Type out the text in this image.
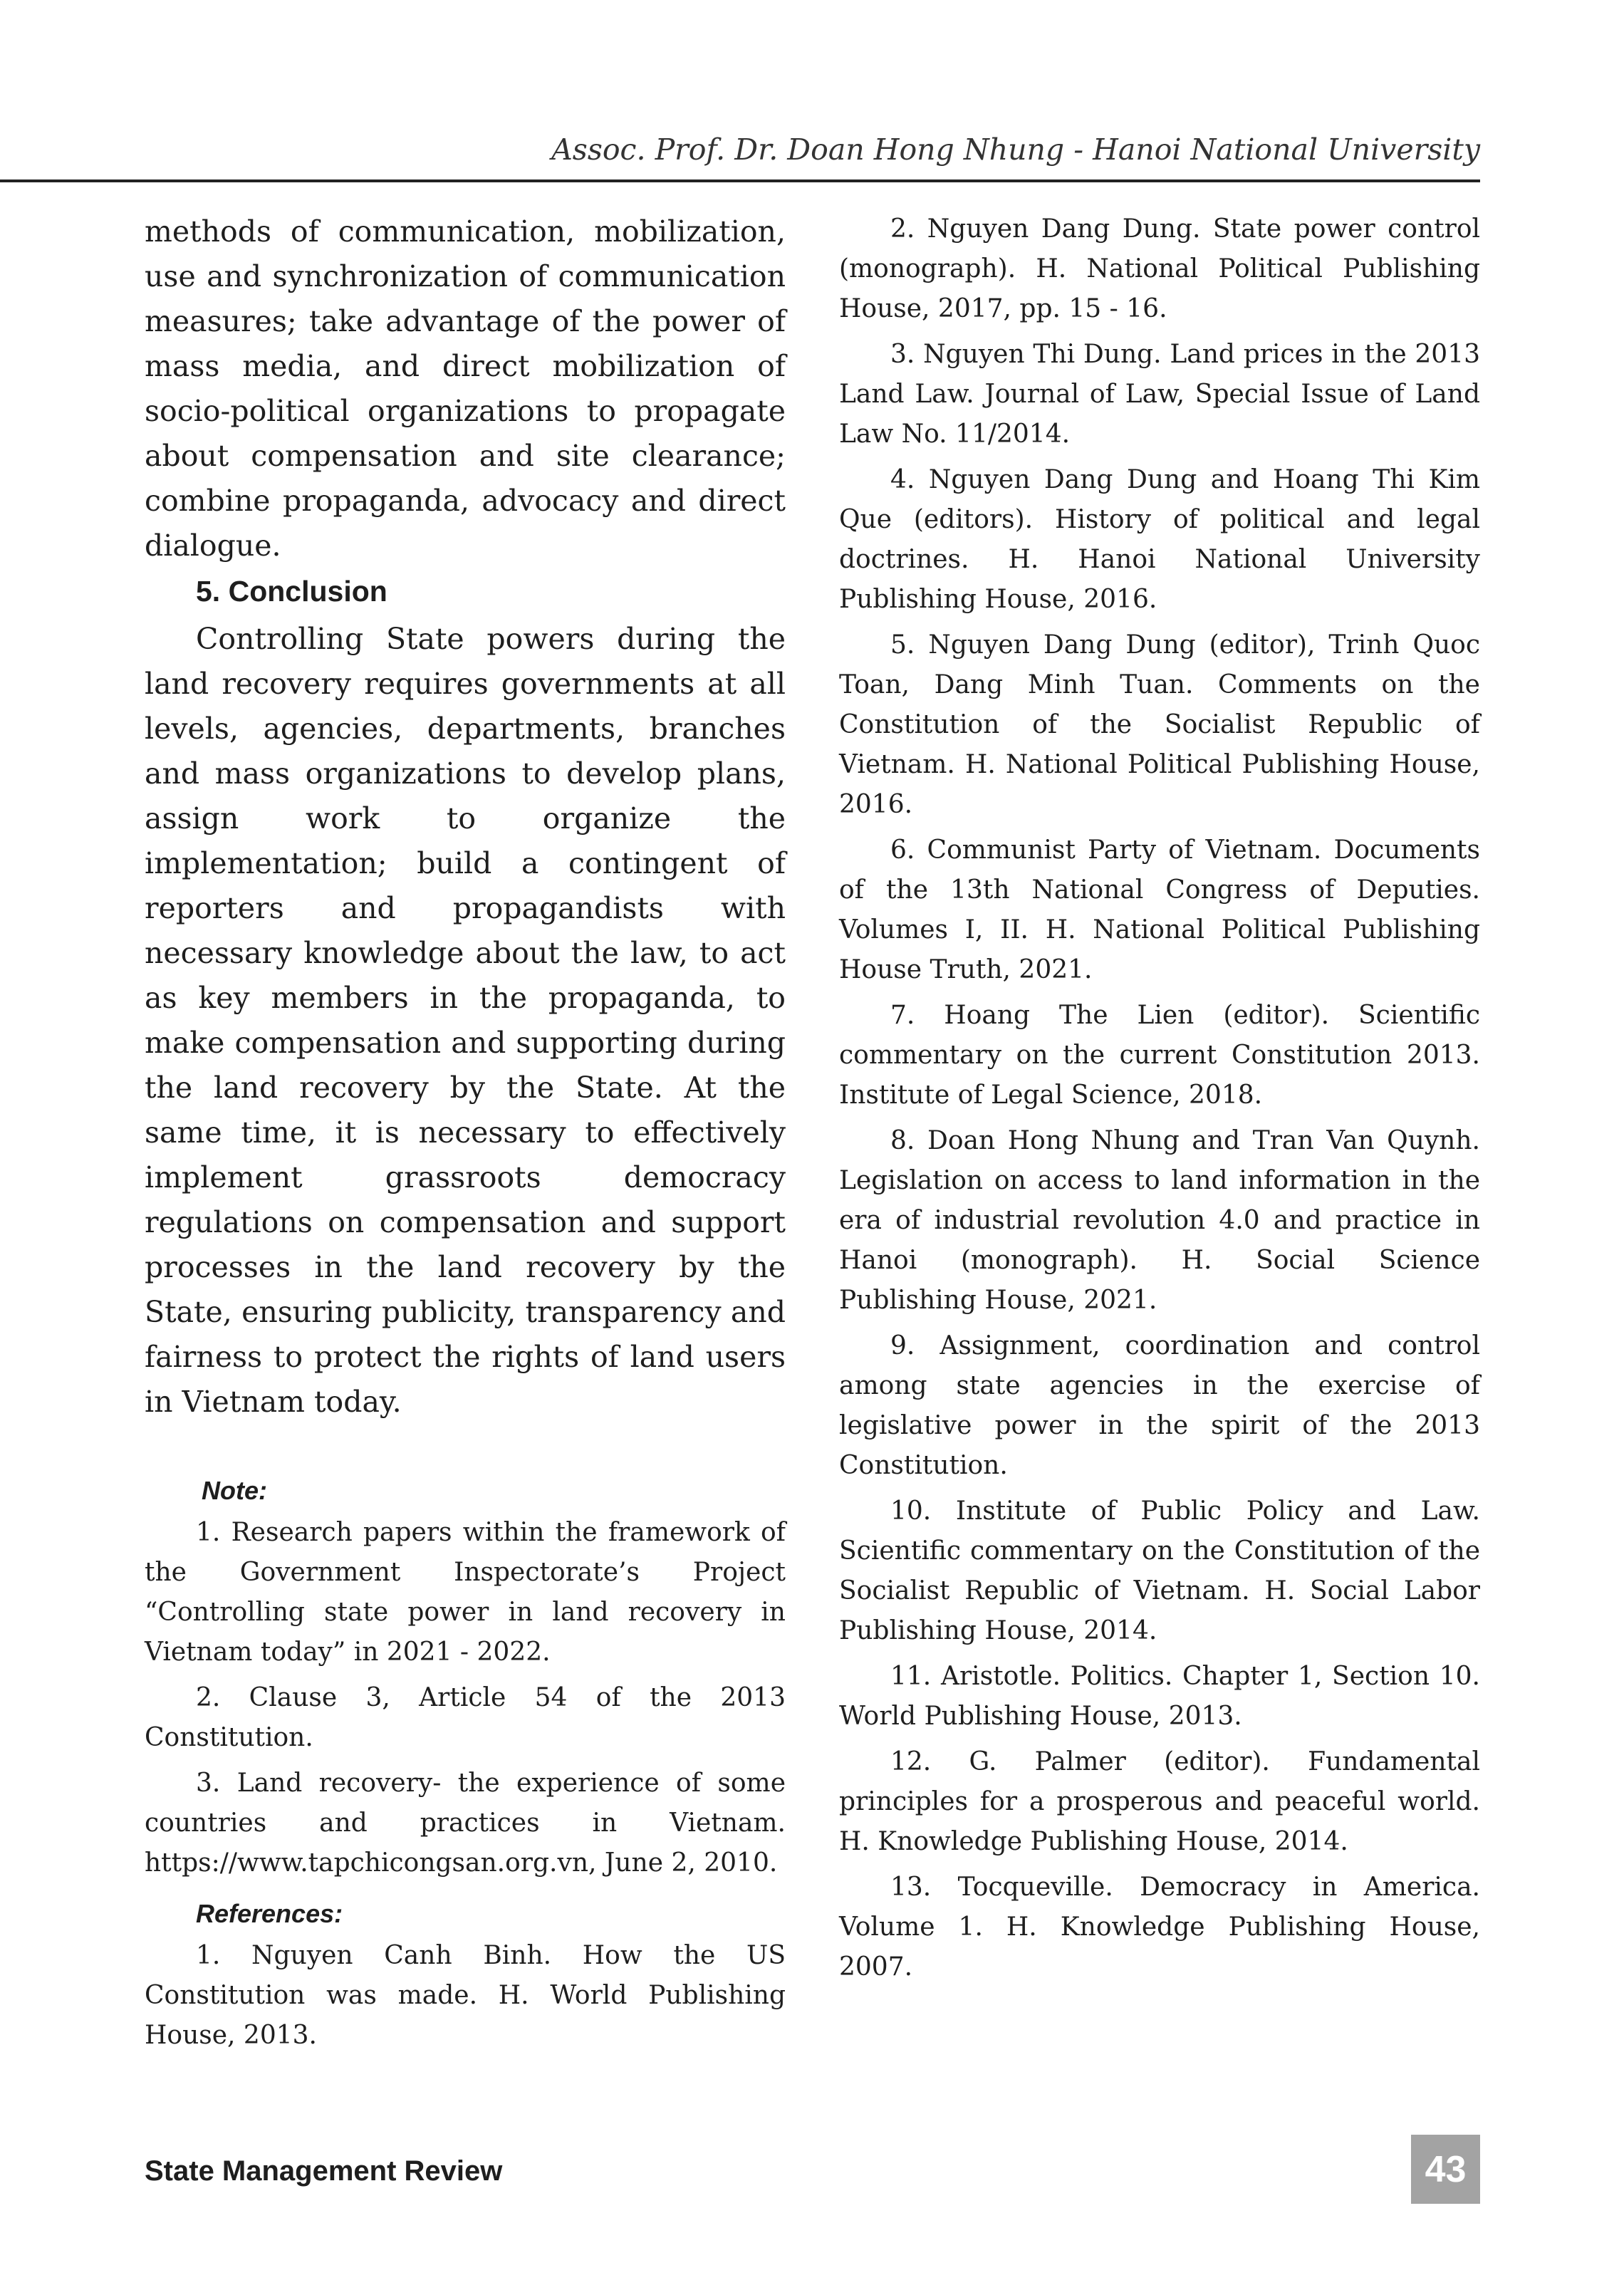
Assoc. Prof. Dr. Doan Hong Nhung - Hanoi National University

methods of communication, mobilization, use and synchronization of communication measures; take advantage of the power of mass media, and direct mobilization of socio-political organizations to propagate about compensation and site clearance; combine propaganda, advocacy and direct dialogue.

5. Conclusion

Controlling State powers during the land recovery requires governments at all levels, agencies, departments, branches and mass organizations to develop plans, assign work to organize the implementation; build a contingent of reporters and propagandists with necessary knowledge about the law, to act as key members in the propaganda, to make compensation and supporting during the land recovery by the State. At the same time, it is necessary to effectively implement grassroots democracy regulations on compensation and support processes in the land recovery by the State, ensuring publicity, transparency and fairness to protect the rights of land users in Vietnam today.

Note:

1. Research papers within the framework of the Government Inspectorate’s Project “Controlling state power in land recovery in Vietnam today” in 2021 - 2022.

2. Clause 3, Article 54 of the 2013 Constitution.

3. Land recovery- the experience of some countries and practices in Vietnam. https://www.tapchicongsan.org.vn, June 2, 2010.

References:

1. Nguyen Canh Binh. How the US Constitution was made. H. World Publishing House, 2013.

2. Nguyen Dang Dung. State power control (monograph). H. National Political Publishing House, 2017, pp. 15 - 16.

3. Nguyen Thi Dung. Land prices in the 2013 Land Law. Journal of Law, Special Issue of Land Law No. 11/2014.

4. Nguyen Dang Dung and Hoang Thi Kim Que (editors). History of political and legal doctrines. H. Hanoi National University Publishing House, 2016.

5. Nguyen Dang Dung (editor), Trinh Quoc Toan, Dang Minh Tuan. Comments on the Constitution of the Socialist Republic of Vietnam. H. National Political Publishing House, 2016.

6. Communist Party of Vietnam. Documents of the 13th National Congress of Deputies. Volumes I, II. H. National Political Publishing House Truth, 2021.

7. Hoang The Lien (editor). Scientific commentary on the current Constitution 2013. Institute of Legal Science, 2018.

8. Doan Hong Nhung and Tran Van Quynh. Legislation on access to land information in the era of industrial revolution 4.0 and practice in Hanoi (monograph). H. Social Science Publishing House, 2021.

9. Assignment, coordination and control among state agencies in the exercise of legislative power in the spirit of the 2013 Constitution.

10. Institute of Public Policy and Law. Scientific commentary on the Constitution of the Socialist Republic of Vietnam. H. Social Labor Publishing House, 2014.

11. Aristotle. Politics. Chapter 1, Section 10. World Publishing House, 2013.

12. G. Palmer (editor). Fundamental principles for a prosperous and peaceful world. H. Knowledge Publishing House, 2014.

13. Tocqueville. Democracy in America. Volume 1. H. Knowledge Publishing House, 2007.

State Management Review	43
